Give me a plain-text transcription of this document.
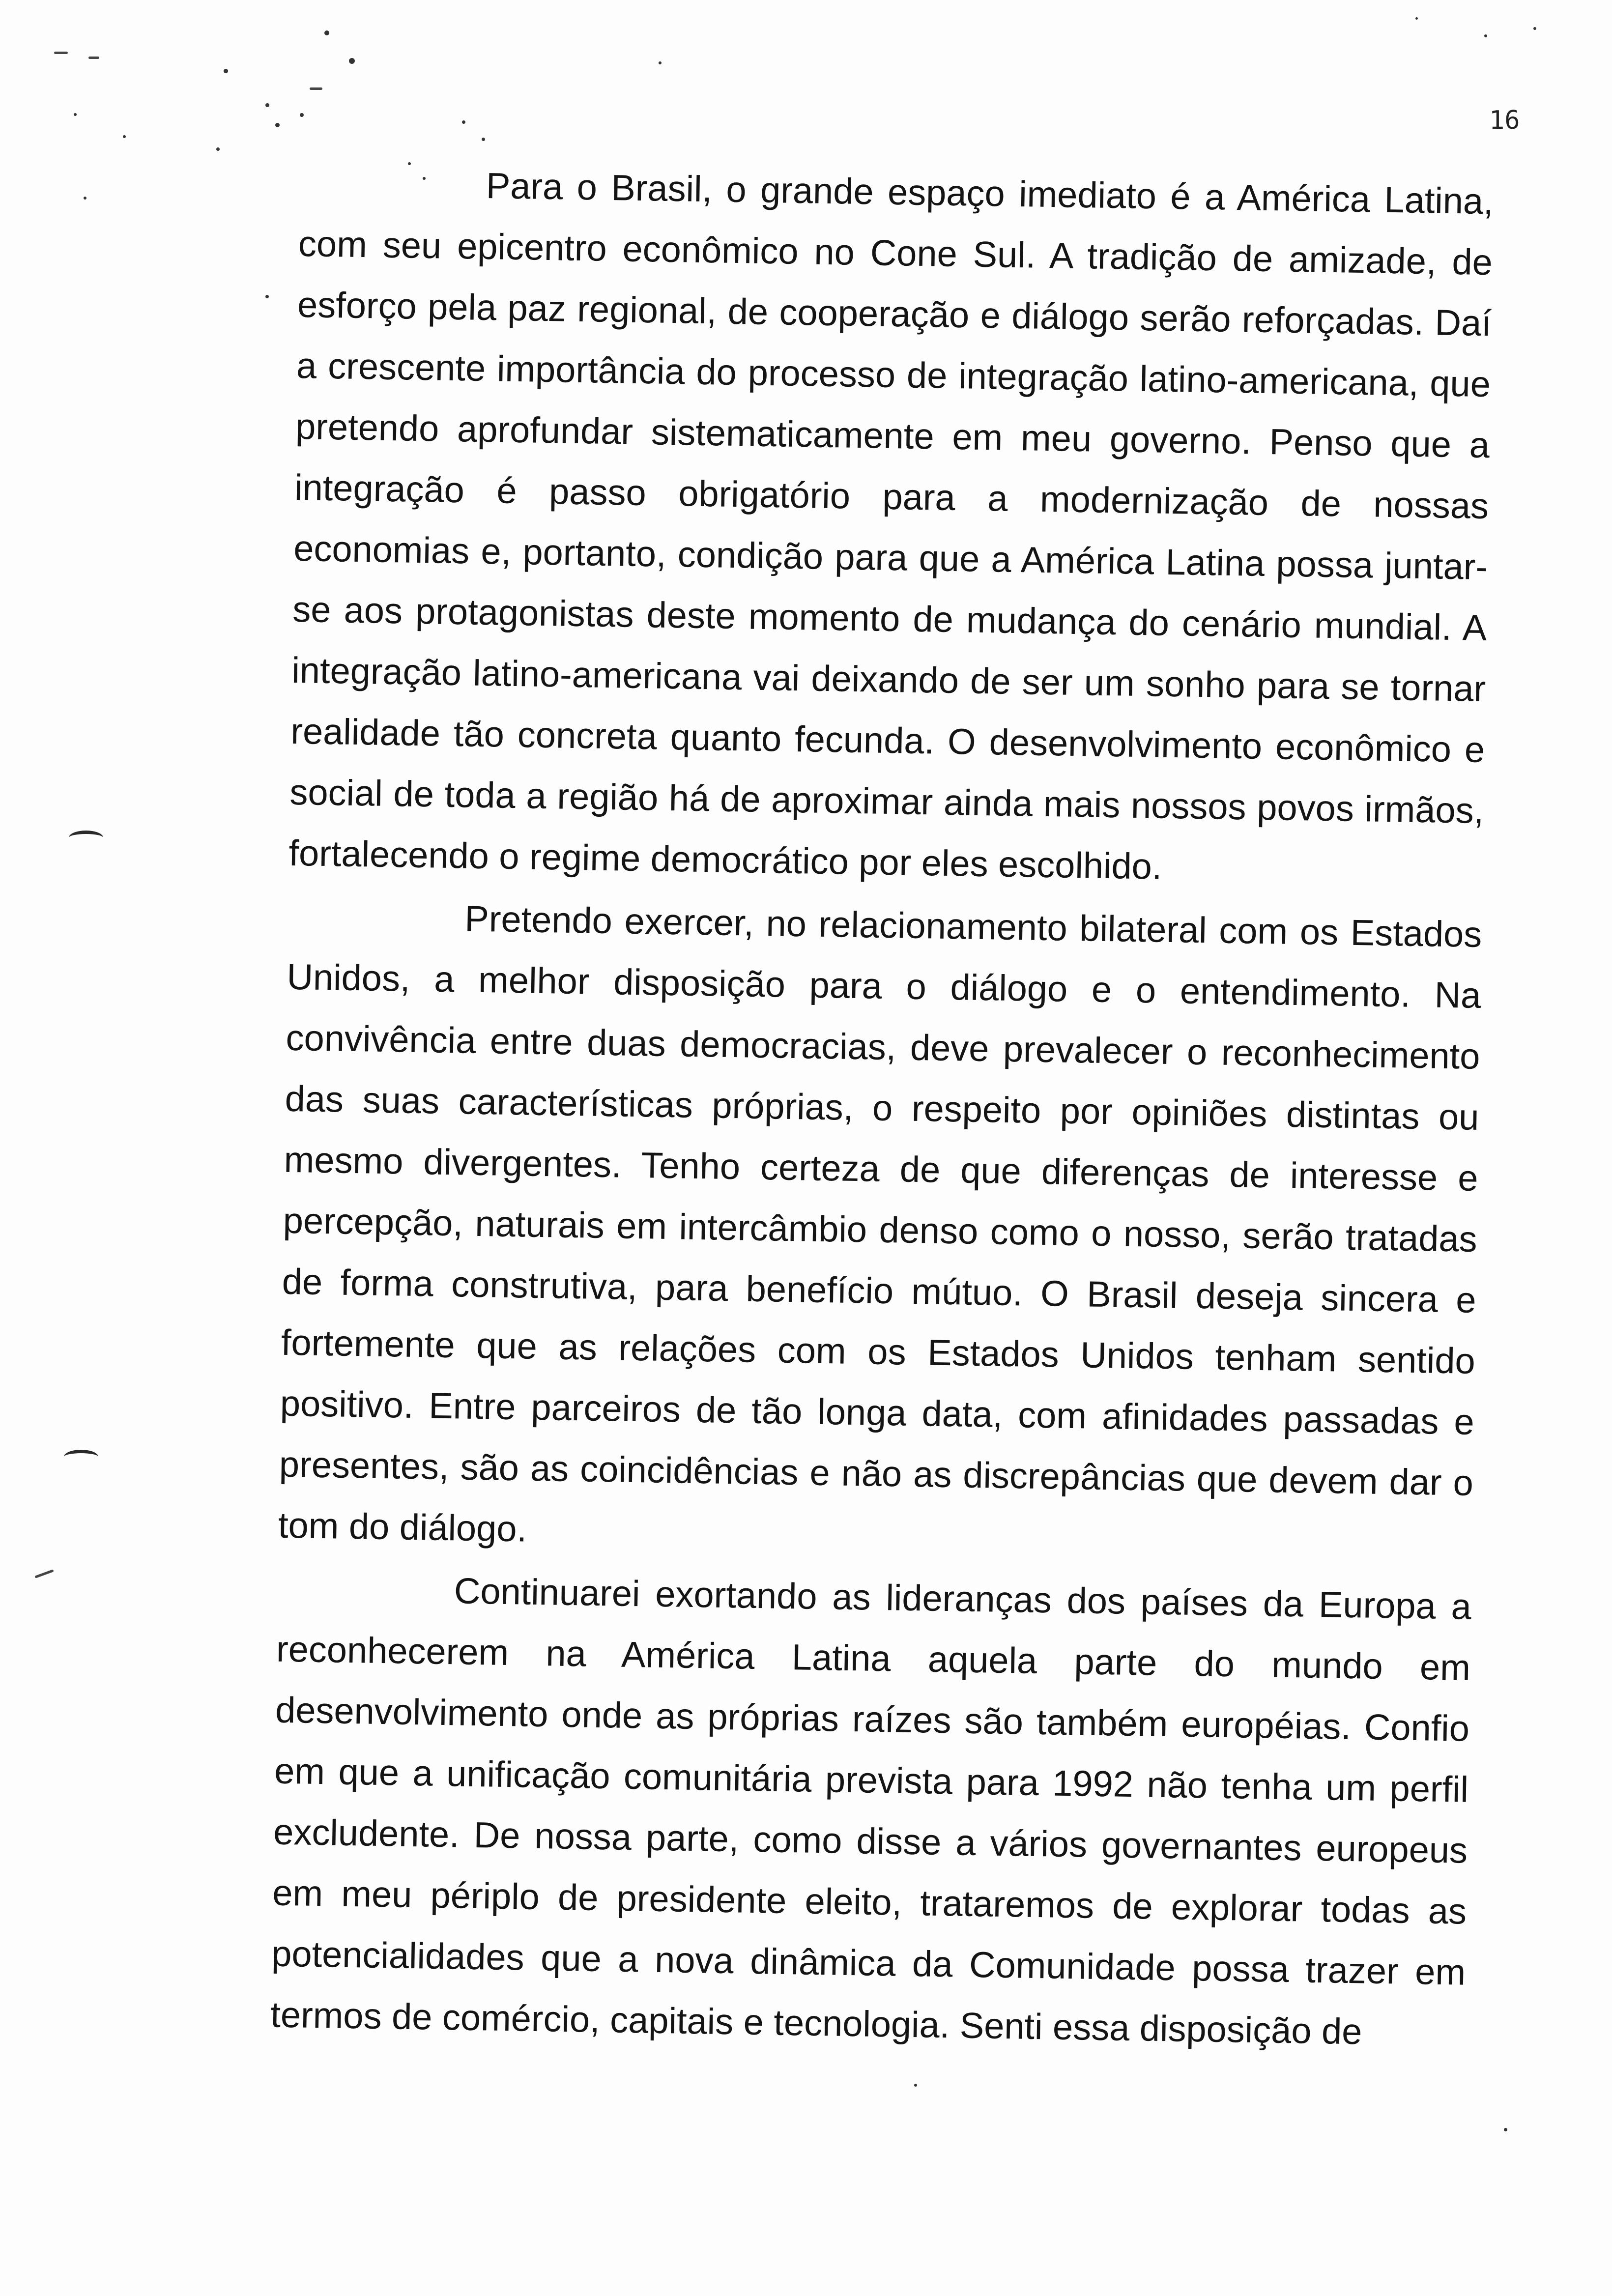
16

Para o Brasil, o grande espaço imediato é a América Latina, com seu epicentro econômico no Cone Sul. A tradição de amizade, de esforço pela paz regional, de cooperação e diálogo serão reforçadas. Daí a crescente importância do processo de integração latino-americana, que pretendo aprofundar sistematicamente em meu governo. Penso que a integração é passo obrigatório para a modernização de nossas economias e, portanto, condição para que a América Latina possa juntar-se aos protagonistas deste momento de mudança do cenário mundial. A integração latino-americana vai deixando de ser um sonho para se tornar realidade tão concreta quanto fecunda. O desenvolvimento econômico e social de toda a região há de aproximar ainda mais nossos povos irmãos, fortalecendo o regime democrático por eles escolhido.

Pretendo exercer, no relacionamento bilateral com os Estados Unidos, a melhor disposição para o diálogo e o entendimento. Na convivência entre duas democracias, deve prevalecer o reconhecimento das suas características próprias, o respeito por opiniões distintas ou mesmo divergentes. Tenho certeza de que diferenças de interesse e percepção, naturais em intercâmbio denso como o nosso, serão tratadas de forma construtiva, para benefício mútuo. O Brasil deseja sincera e fortemente que as relações com os Estados Unidos tenham sentido positivo. Entre parceiros de tão longa data, com afinidades passadas e presentes, são as coincidências e não as discrepâncias que devem dar o tom do diálogo.

Continuarei exortando as lideranças dos países da Europa a reconhecerem na América Latina aquela parte do mundo em desenvolvimento onde as próprias raízes são também européias. Confio em que a unificação comunitária prevista para 1992 não tenha um perfil excludente. De nossa parte, como disse a vários governantes europeus em meu périplo de presidente eleito, trataremos de explorar todas as potencialidades que a nova dinâmica da Comunidade possa trazer em termos de comércio, capitais e tecnologia. Senti essa disposição de
